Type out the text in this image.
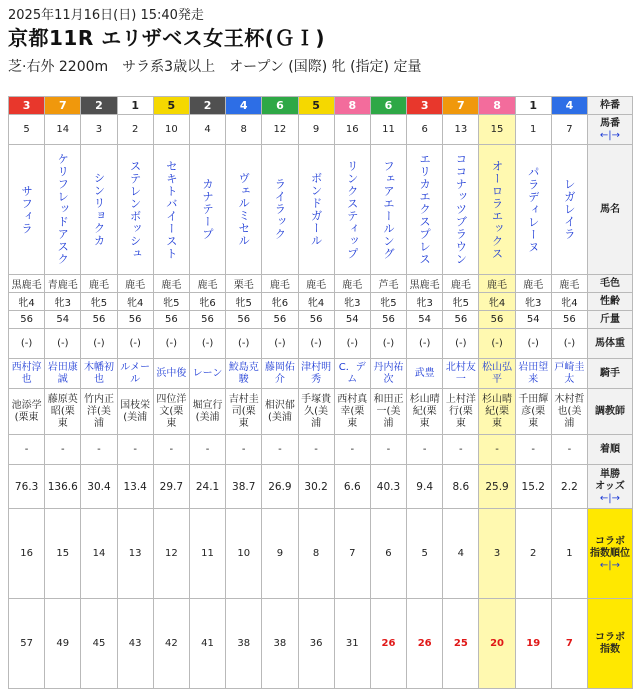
2025年11月16日(日) 15:40発走
京都11R エリザベス女王杯(ＧＩ)
芝·右外 2200m　サラ系3歳以上　オープン (国際) 牝 (指定) 定量
3	7	2	1	5	2	4	6	5	8	6	3	7	8	1	4	枠番

5	14	3	2	10	4	8	12	9	16	11	6	13	15	1	7	馬番
←|→

サフィラ	ケリフレッドアスク	シンリョクカ	ステレンボッシュ	セキトバイースト	カナテープ	ヴェルミセル	ライラック	ボンドガール	リンクスティップ	フェアエールング	エリカエクスプレス	ココナッツブラウン	オーロラエックス	パラディレーヌ	レガレイラ	馬名

黒鹿毛	青鹿毛	鹿毛	鹿毛	鹿毛	鹿毛	栗毛	鹿毛	鹿毛	鹿毛	芦毛	黒鹿毛	鹿毛	鹿毛	鹿毛	鹿毛	毛色

牝4	牝3	牝5	牝4	牝5	牝6	牝5	牝6	牝4	牝3	牝5	牝3	牝5	牝4	牝3	牝4	性齢

56	54	56	56	56	56	56	56	56	54	56	54	56	56	54	56	斤量

(-)	(-)	(-)	(-)	(-)	(-)	(-)	(-)	(-)	(-)	(-)	(-)	(-)	(-)	(-)	(-)	馬体重

西村淳也	岩田康誠	木幡初也	ルメール	浜中俊	レーン	鮫島克駿	藤岡佑介	津村明秀	C．デム	丹内祐次	武豊	北村友一	松山弘平	岩田望来	戸崎圭太	騎手

池添学(栗東	藤原英昭(栗東	竹内正洋(美浦	国枝栄(美浦	四位洋文(栗東	堀宣行(美浦	吉村圭司(栗東	相沢郁(美浦	手塚貴久(美浦	西村真幸(栗東	和田正一(美浦	杉山晴紀(栗東	上村洋行(栗東	杉山晴紀(栗東	千田輝彦(栗東	木村哲也(美浦	調教師

-	-	-	-	-	-	-	-	-	-	-	-	-	-	-	-	着順

76.3	136.6	30.4	13.4	29.7	24.1	38.7	26.9	30.2	6.6	40.3	9.4	8.6	25.9	15.2	2.2	単勝
オッズ
←|→

16	15	14	13	12	11	10	9	8	7	6	5	4	3	2	1	コラボ
指数順位
←|→

57	49	45	43	42	41	38	38	36	31	26	26	25	20	19	7	コラボ
指数
